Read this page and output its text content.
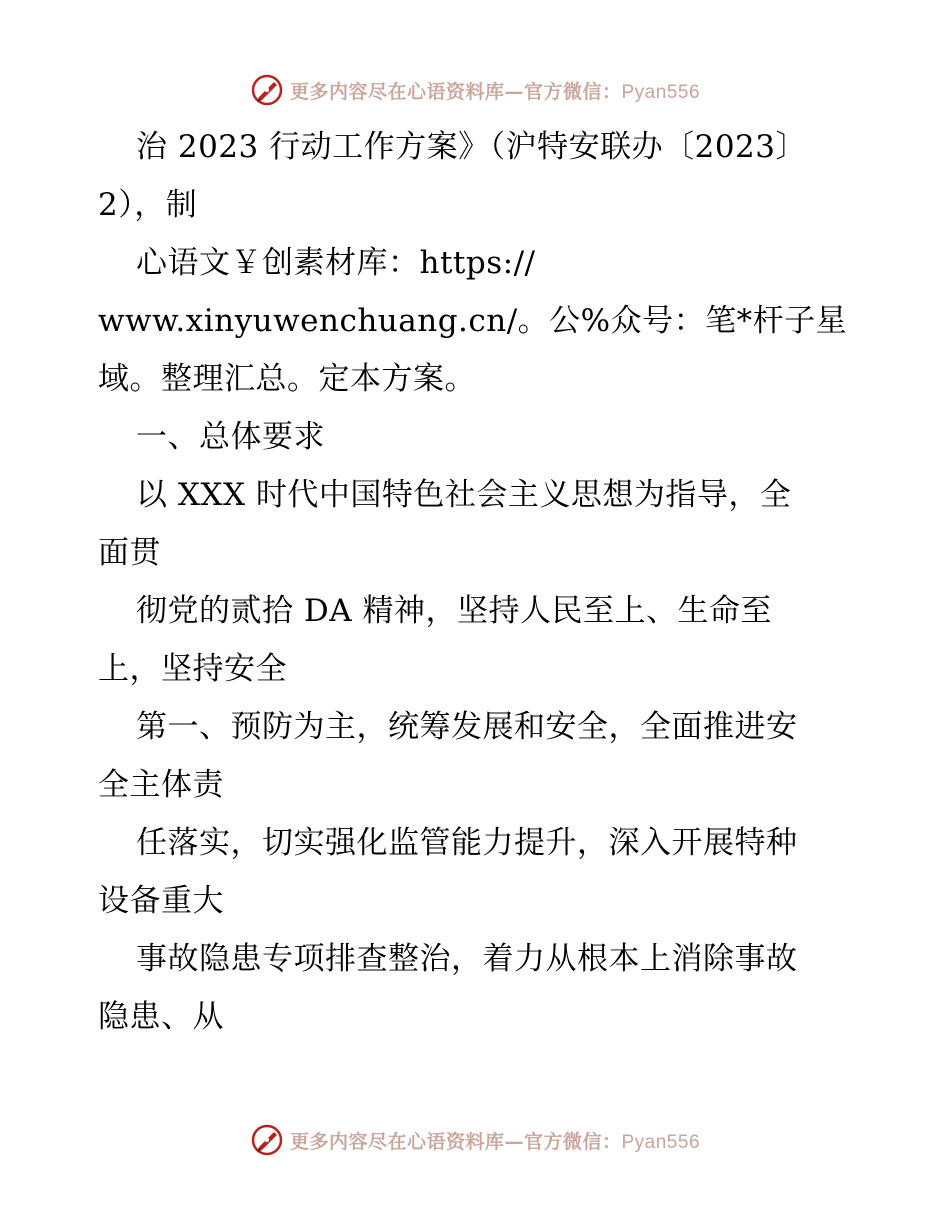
更多内容尽在心语资料库—官方微信：Pyan556
治 2023 行动工作方案》（沪特安联办〔2023〕
2），制
心语文￥创素材库：https://
www.xinyuwenchuang.cn/。公%众号：笔*杆子星
域。整理汇总。定本方案。
一、总体要求
以 XXX 时代中国特色社会主义思想为指导，全
面贯
彻党的贰拾 DA 精神，坚持人民至上、生命至
上，坚持安全
第一、预防为主，统筹发展和安全，全面推进安
全主体责
任落实，切实强化监管能力提升，深入开展特种
设备重大
事故隐患专项排查整治，着力从根本上消除事故
隐患、从
更多内容尽在心语资料库—官方微信：Pyan556
